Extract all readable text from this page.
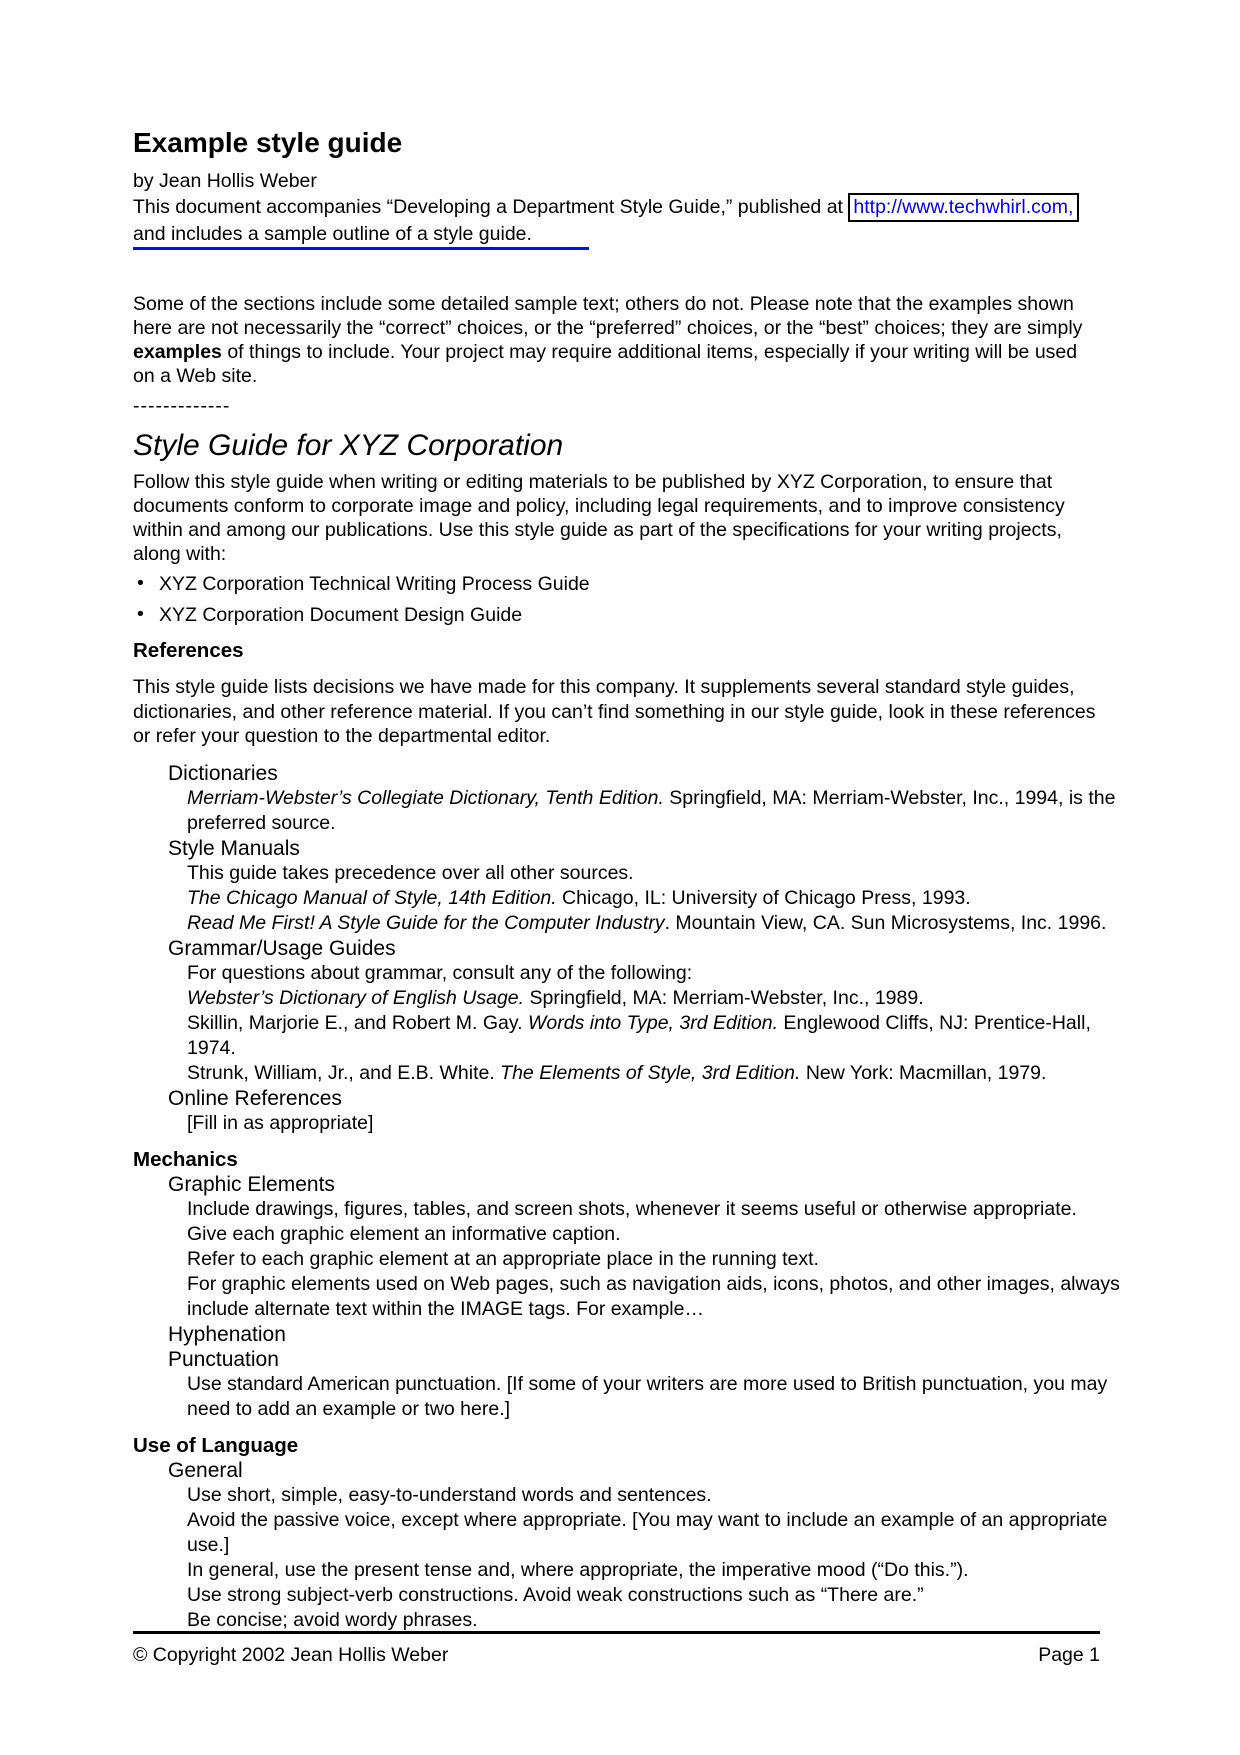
Example style guide

by Jean Hollis Weber

This document accompanies “Developing a Department Style Guide,” published at http://www.techwhirl.com,

and includes a sample outline of a style guide.

Some of the sections include some detailed sample text; others do not. Please note that the examples shown here are not necessarily the “correct” choices, or the “preferred” choices, or the “best” choices; they are simply examples of things to include. Your project may require additional items, especially if your writing will be used on a Web site.

-------------

Style Guide for XYZ Corporation

Follow this style guide when writing or editing materials to be published by XYZ Corporation, to ensure that documents conform to corporate image and policy, including legal requirements, and to improve consistency within and among our publications. Use this style guide as part of the specifications for your writing projects, along with:

• XYZ Corporation Technical Writing Process Guide
• XYZ Corporation Document Design Guide
References
This style guide lists decisions we have made for this company. It supplements several standard style guides, dictionaries, and other reference material. If you can’t find something in our style guide, look in these references or refer your question to the departmental editor.
Dictionaries
Merriam-Webster’s Collegiate Dictionary, Tenth Edition. Springfield, MA: Merriam-Webster, Inc., 1994, is the preferred source.
Style Manuals
This guide takes precedence over all other sources.
The Chicago Manual of Style, 14th Edition. Chicago, IL: University of Chicago Press, 1993.
Read Me First! A Style Guide for the Computer Industry. Mountain View, CA. Sun Microsystems, Inc. 1996.
Grammar/Usage Guides
For questions about grammar, consult any of the following:
Webster’s Dictionary of English Usage. Springfield, MA: Merriam-Webster, Inc., 1989.
Skillin, Marjorie E., and Robert M. Gay. Words into Type, 3rd Edition. Englewood Cliffs, NJ: Prentice-Hall, 1974.
Strunk, William, Jr., and E.B. White. The Elements of Style, 3rd Edition. New York: Macmillan, 1979.
Online References
[Fill in as appropriate]
Mechanics
Graphic Elements
Include drawings, figures, tables, and screen shots, whenever it seems useful or otherwise appropriate. Give each graphic element an informative caption.
Refer to each graphic element at an appropriate place in the running text.
For graphic elements used on Web pages, such as navigation aids, icons, photos, and other images, always include alternate text within the IMAGE tags. For example…
Hyphenation
Punctuation
Use standard American punctuation. [If some of your writers are more used to British punctuation, you may need to add an example or two here.]
Use of Language
General
Use short, simple, easy-to-understand words and sentences.
Avoid the passive voice, except where appropriate. [You may want to include an example of an appropriate use.]
In general, use the present tense and, where appropriate, the imperative mood (“Do this.”).
Use strong subject-verb constructions. Avoid weak constructions such as “There are.”
Be concise; avoid wordy phrases.
© Copyright 2002 Jean Hollis Weber	Page 1
